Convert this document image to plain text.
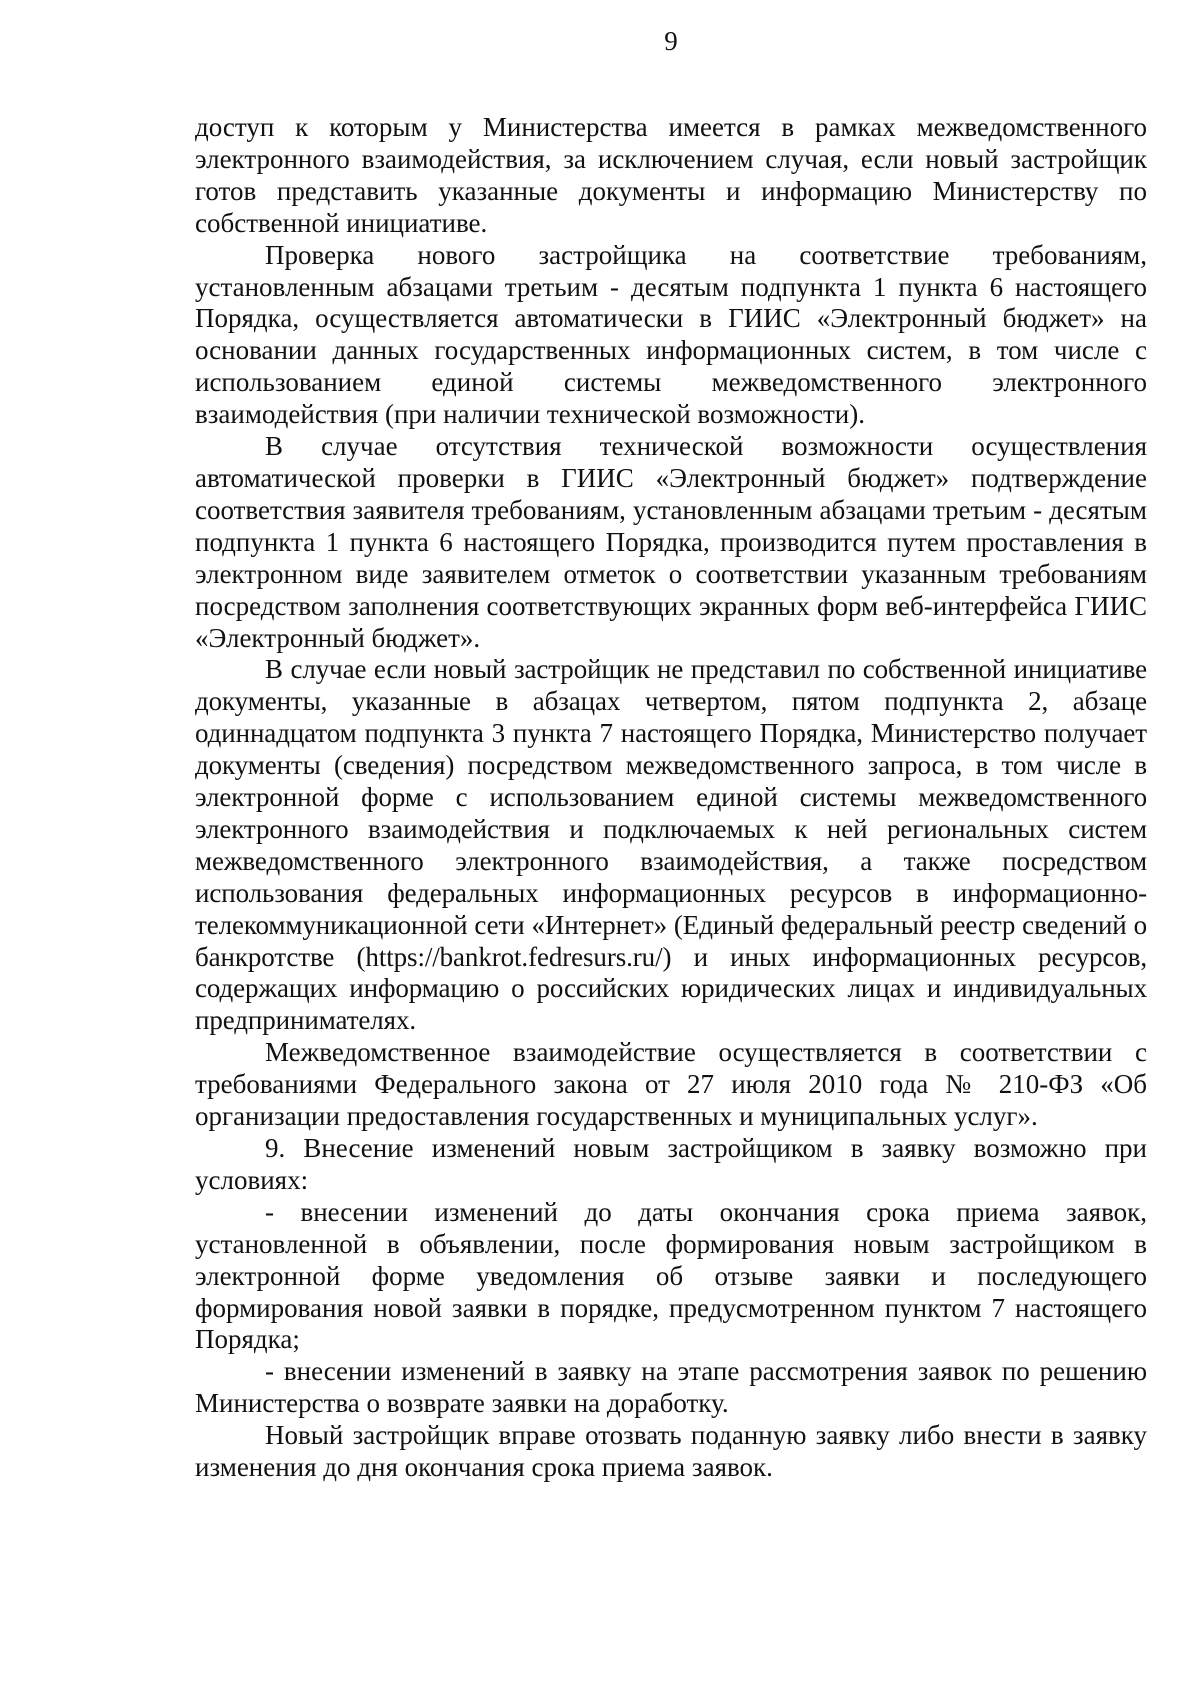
9

доступ к которым у Министерства имеется в рамках межведомственного электронного взаимодействия, за исключением случая, если новый застройщик готов представить указанные документы и информацию Министерству по собственной инициативе.

Проверка нового застройщика на соответствие требованиям, установленным абзацами третьим - десятым подпункта 1 пункта 6 настоящего Порядка, осуществляется автоматически в ГИИС «Электронный бюджет» на основании данных государственных информационных систем, в том числе с использованием единой системы межведомственного электронного взаимодействия (при наличии технической возможности).

В случае отсутствия технической возможности осуществления автоматической проверки в ГИИС «Электронный бюджет» подтверждение соответствия заявителя требованиям, установленным абзацами третьим - десятым подпункта 1 пункта 6 настоящего Порядка, производится путем проставления в электронном виде заявителем отметок о соответствии указанным требованиям посредством заполнения соответствующих экранных форм веб-интерфейса ГИИС «Электронный бюджет».

В случае если новый застройщик не представил по собственной инициативе документы, указанные в абзацах четвертом, пятом подпункта 2, абзаце одиннадцатом подпункта 3 пункта 7 настоящего Порядка, Министерство получает документы (сведения) посредством межведомственного запроса, в том числе в электронной форме с использованием единой системы межведомственного электронного взаимодействия и подключаемых к ней региональных систем межведомственного электронного взаимодействия, а также посредством использования федеральных информационных ресурсов в информационно-телекоммуникационной сети «Интернет» (Единый федеральный реестр сведений о банкротстве (https://bankrot.fedresurs.ru/) и иных информационных ресурсов, содержащих информацию о российских юридических лицах и индивидуальных предпринимателях.

Межведомственное взаимодействие осуществляется в соответствии с требованиями Федерального закона от 27 июля 2010 года № 210-ФЗ «Об организации предоставления государственных и муниципальных услуг».

9. Внесение изменений новым застройщиком в заявку возможно при условиях:

- внесении изменений до даты окончания срока приема заявок, установленной в объявлении, после формирования новым застройщиком в электронной форме уведомления об отзыве заявки и последующего формирования новой заявки в порядке, предусмотренном пунктом 7 настоящего Порядка;

- внесении изменений в заявку на этапе рассмотрения заявок по решению Министерства о возврате заявки на доработку.

Новый застройщик вправе отозвать поданную заявку либо внести в заявку изменения до дня окончания срока приема заявок.
